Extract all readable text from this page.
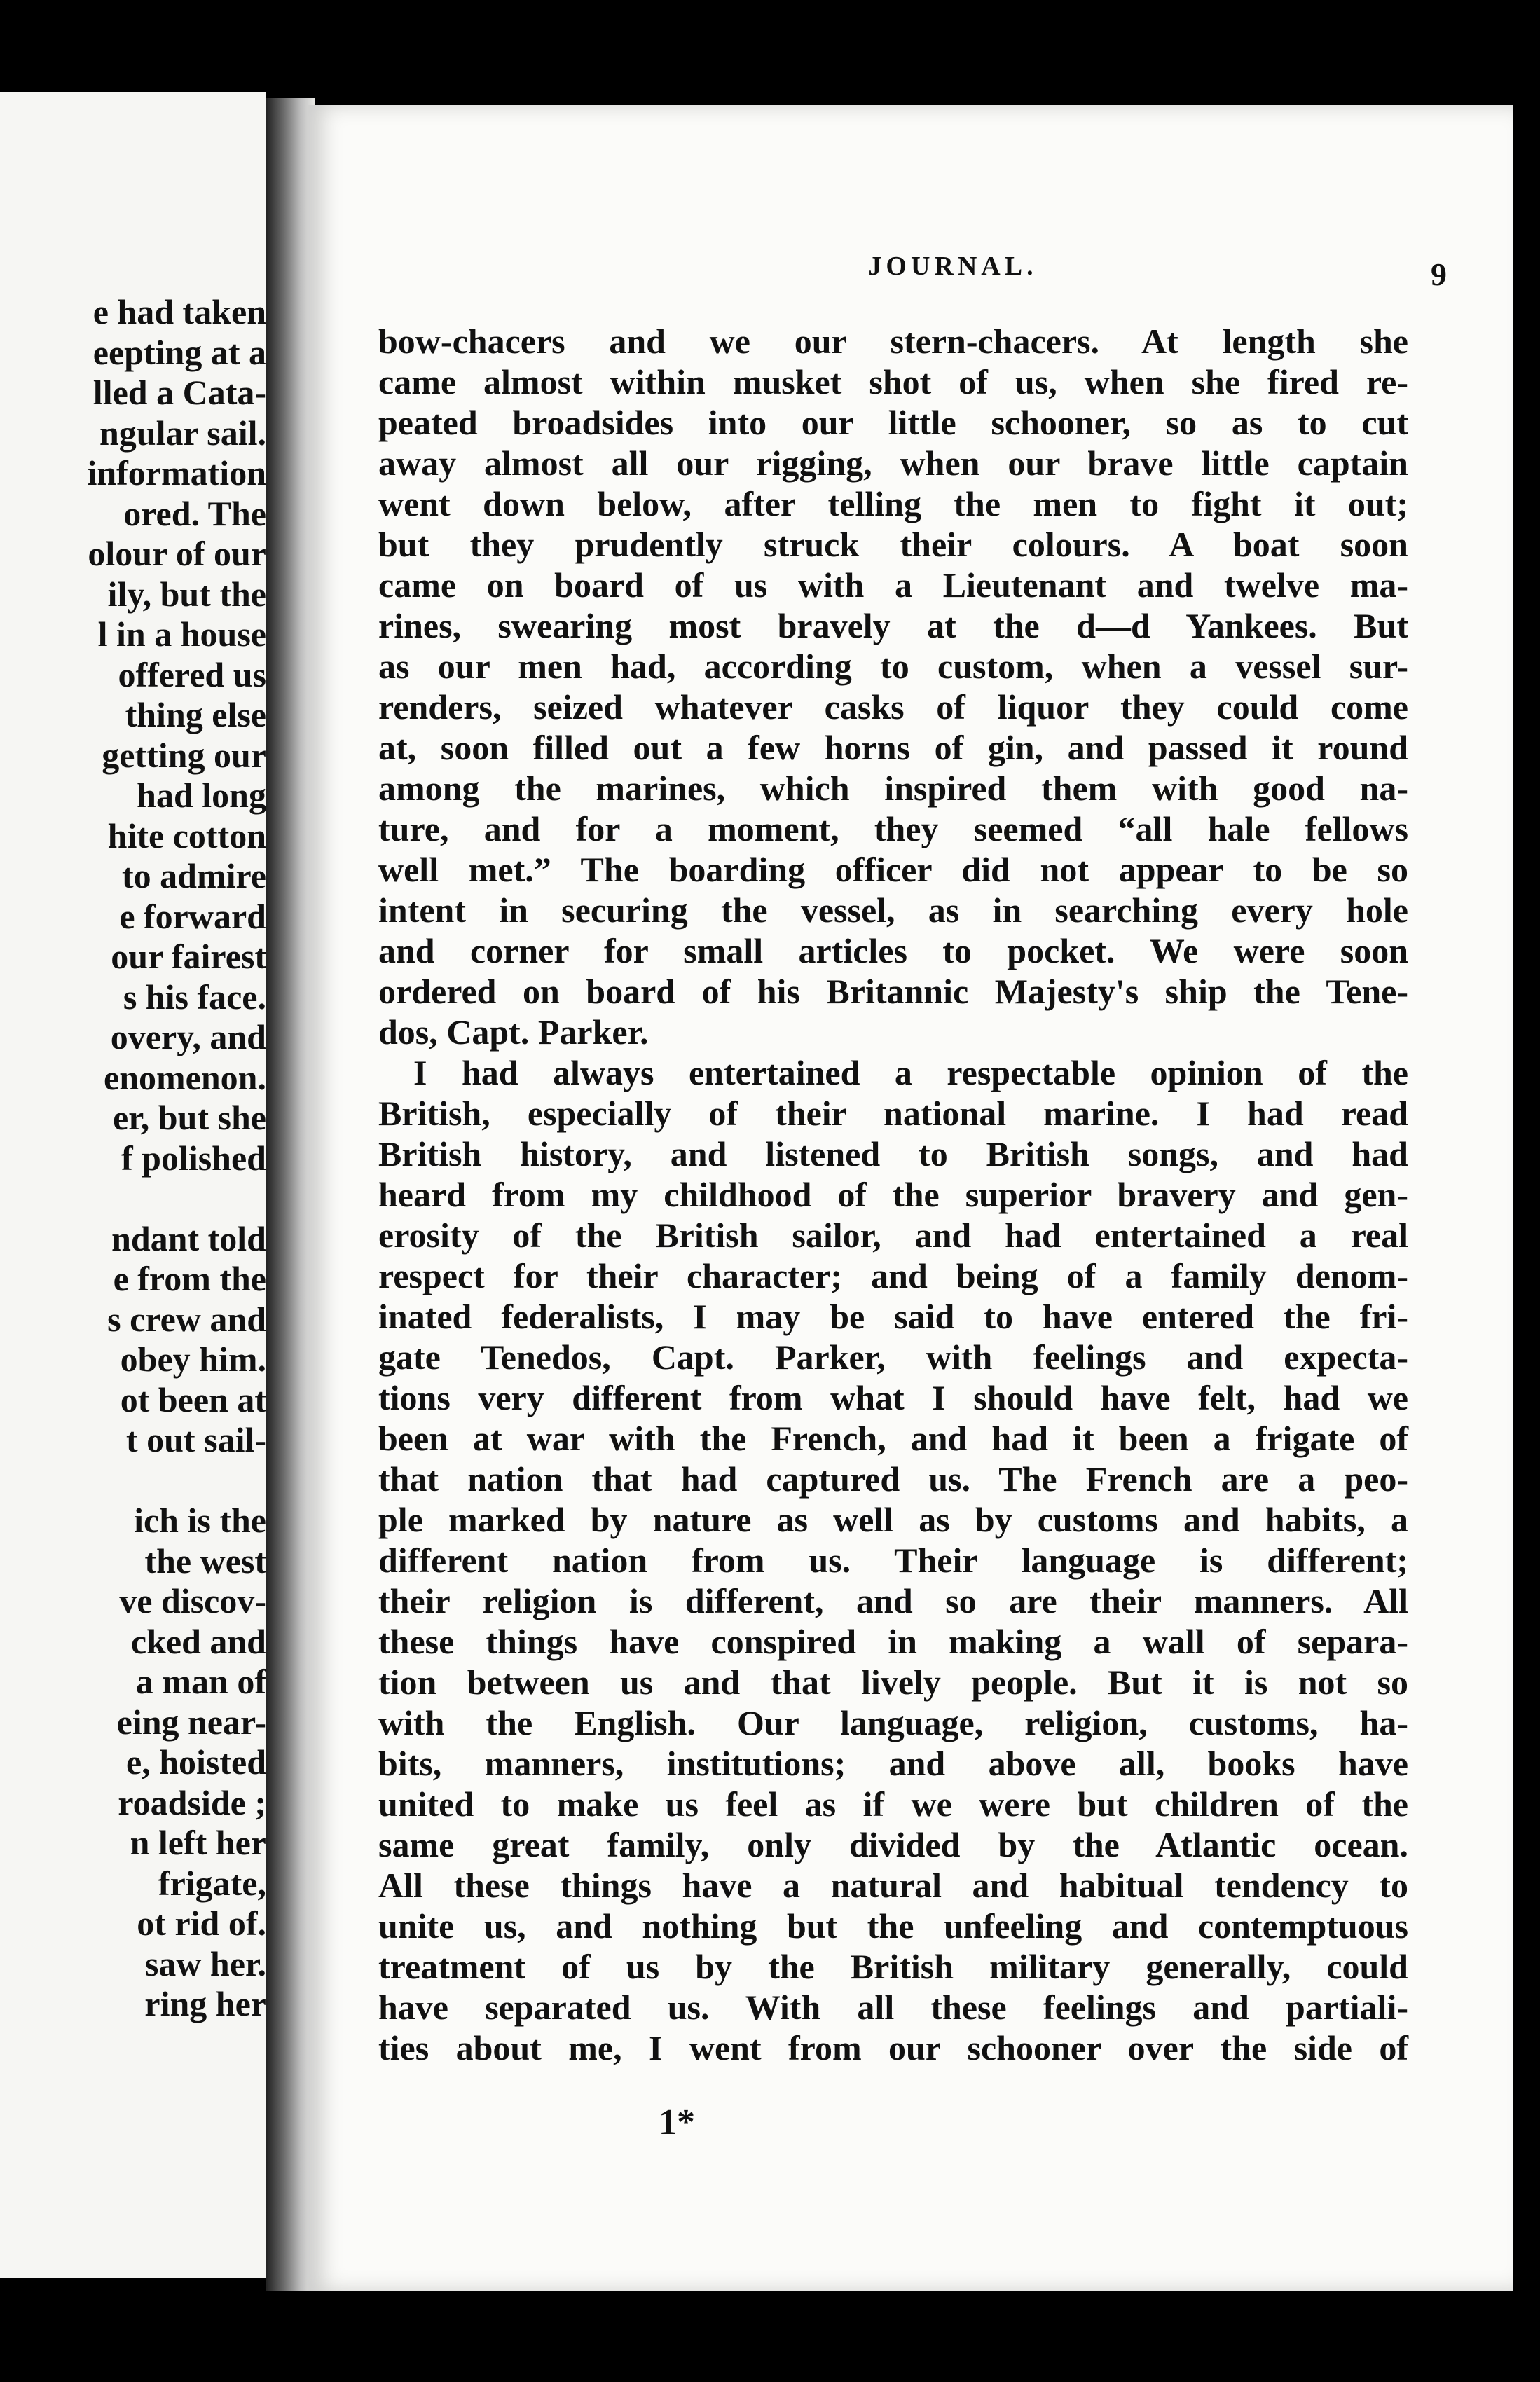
e had taken
eepting at a
lled a Cata-
ngular sail.
information
ored. The
olour of our
ily, but the
l in a house
offered us
thing else
getting our
had long
hite cotton
to admire
e forward
our fairest
s his face.
overy, and
enomenon.
er, but she
f polished
ndant told
e from the
s crew and
obey him.
ot been at
t out sail-
ich is the
the west
ve discov-
cked and
a man of
eing near-
e, hoisted
roadside ;
n left her
frigate,
ot rid of.
saw her.
ring her
JOURNAL.	9
bow-chacers and we our stern-chacers. At length she
came almost within musket shot of us, when she fired re-
peated broadsides into our little schooner, so as to cut
away almost all our rigging, when our brave little captain
went down below, after telling the men to fight it out;
but they prudently struck their colours. A boat soon
came on board of us with a Lieutenant and twelve ma-
rines, swearing most bravely at the d—d Yankees. But
as our men had, according to custom, when a vessel sur-
renders, seized whatever casks of liquor they could come
at, soon filled out a few horns of gin, and passed it round
among the marines, which inspired them with good na-
ture, and for a moment, they seemed “all hale fellows
well met.” The boarding officer did not appear to be so
intent in securing the vessel, as in searching every hole
and corner for small articles to pocket. We were soon
ordered on board of his Britannic Majesty's ship the Tene-
dos, Capt. Parker.
I had always entertained a respectable opinion of the
British, especially of their national marine. I had read
British history, and listened to British songs, and had
heard from my childhood of the superior bravery and gen-
erosity of the British sailor, and had entertained a real
respect for their character; and being of a family denom-
inated federalists, I may be said to have entered the fri-
gate Tenedos, Capt. Parker, with feelings and expecta-
tions very different from what I should have felt, had we
been at war with the French, and had it been a frigate of
that nation that had captured us. The French are a peo-
ple marked by nature as well as by customs and habits, a
different nation from us. Their language is different;
their religion is different, and so are their manners. All
these things have conspired in making a wall of separa-
tion between us and that lively people. But it is not so
with the English. Our language, religion, customs, ha-
bits, manners, institutions; and above all, books have
united to make us feel as if we were but children of the
same great family, only divided by the Atlantic ocean.
All these things have a natural and habitual tendency to
unite us, and nothing but the unfeeling and contemptuous
treatment of us by the British military generally, could
have separated us. With all these feelings and partiali-
ties about me, I went from our schooner over the side of
1*
